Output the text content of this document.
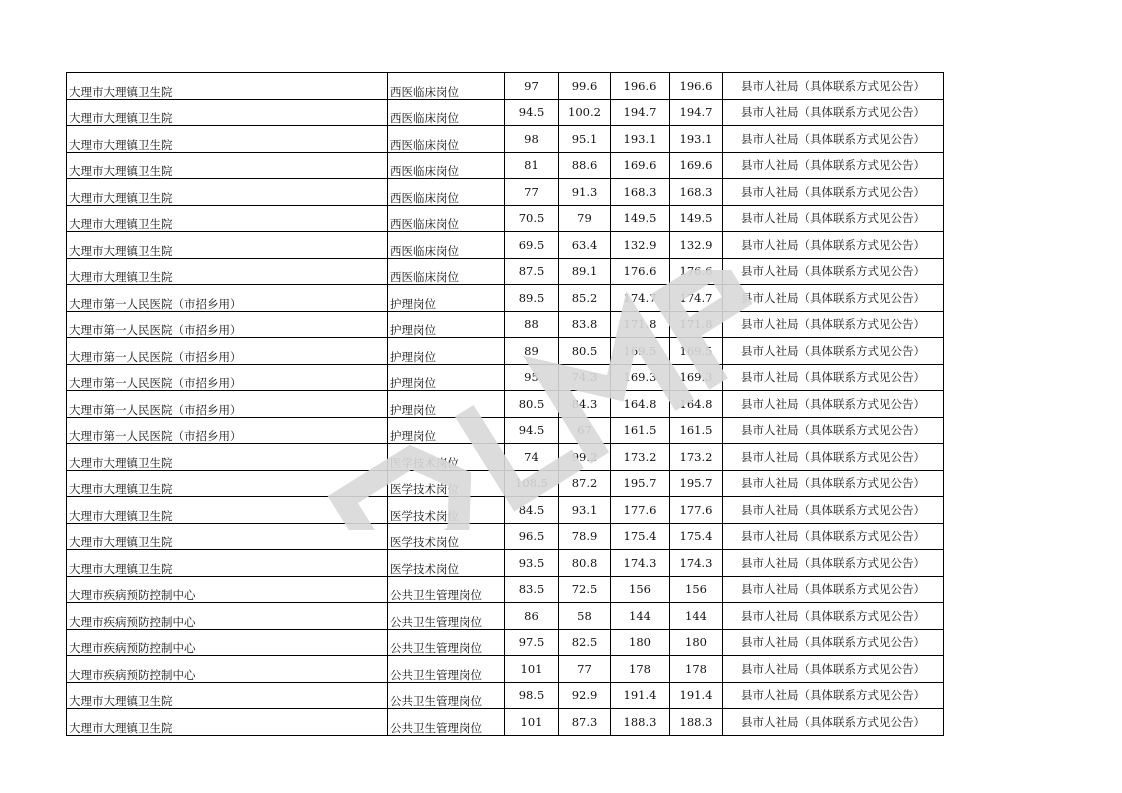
大理市大理镇卫生院	西医临床岗位	97	99.6	196.6	196.6	县市人社局（具体联系方式见公告）
大理市大理镇卫生院	西医临床岗位	94.5	100.2	194.7	194.7	县市人社局（具体联系方式见公告）
大理市大理镇卫生院	西医临床岗位	98	95.1	193.1	193.1	县市人社局（具体联系方式见公告）
大理市大理镇卫生院	西医临床岗位	81	88.6	169.6	169.6	县市人社局（具体联系方式见公告）
大理市大理镇卫生院	西医临床岗位	77	91.3	168.3	168.3	县市人社局（具体联系方式见公告）
大理市大理镇卫生院	西医临床岗位	70.5	79	149.5	149.5	县市人社局（具体联系方式见公告）
大理市大理镇卫生院	西医临床岗位	69.5	63.4	132.9	132.9	县市人社局（具体联系方式见公告）
大理市大理镇卫生院	西医临床岗位	87.5	89.1	176.6	176.6	县市人社局（具体联系方式见公告）
大理市第一人民医院（市招乡用）	护理岗位	89.5	85.2	174.7	174.7	县市人社局（具体联系方式见公告）
大理市第一人民医院（市招乡用）	护理岗位	88	83.8	171.8	171.8	县市人社局（具体联系方式见公告）
大理市第一人民医院（市招乡用）	护理岗位	89	80.5	169.5	169.5	县市人社局（具体联系方式见公告）
大理市第一人民医院（市招乡用）	护理岗位	95	74.3	169.3	169.3	县市人社局（具体联系方式见公告）
大理市第一人民医院（市招乡用）	护理岗位	80.5	84.3	164.8	164.8	县市人社局（具体联系方式见公告）
大理市第一人民医院（市招乡用）	护理岗位	94.5	67	161.5	161.5	县市人社局（具体联系方式见公告）
大理市大理镇卫生院	医学技术岗位	74	99.2	173.2	173.2	县市人社局（具体联系方式见公告）
大理市大理镇卫生院	医学技术岗位	108.5	87.2	195.7	195.7	县市人社局（具体联系方式见公告）
大理市大理镇卫生院	医学技术岗位	84.5	93.1	177.6	177.6	县市人社局（具体联系方式见公告）
大理市大理镇卫生院	医学技术岗位	96.5	78.9	175.4	175.4	县市人社局（具体联系方式见公告）
大理市大理镇卫生院	医学技术岗位	93.5	80.8	174.3	174.3	县市人社局（具体联系方式见公告）
大理市疾病预防控制中心	公共卫生管理岗位	83.5	72.5	156	156	县市人社局（具体联系方式见公告）
大理市疾病预防控制中心	公共卫生管理岗位	86	58	144	144	县市人社局（具体联系方式见公告）
大理市疾病预防控制中心	公共卫生管理岗位	97.5	82.5	180	180	县市人社局（具体联系方式见公告）
大理市疾病预防控制中心	公共卫生管理岗位	101	77	178	178	县市人社局（具体联系方式见公告）
大理市大理镇卫生院	公共卫生管理岗位	98.5	92.9	191.4	191.4	县市人社局（具体联系方式见公告）
大理市大理镇卫生院	公共卫生管理岗位	101	87.3	188.3	188.3	县市人社局（具体联系方式见公告）
